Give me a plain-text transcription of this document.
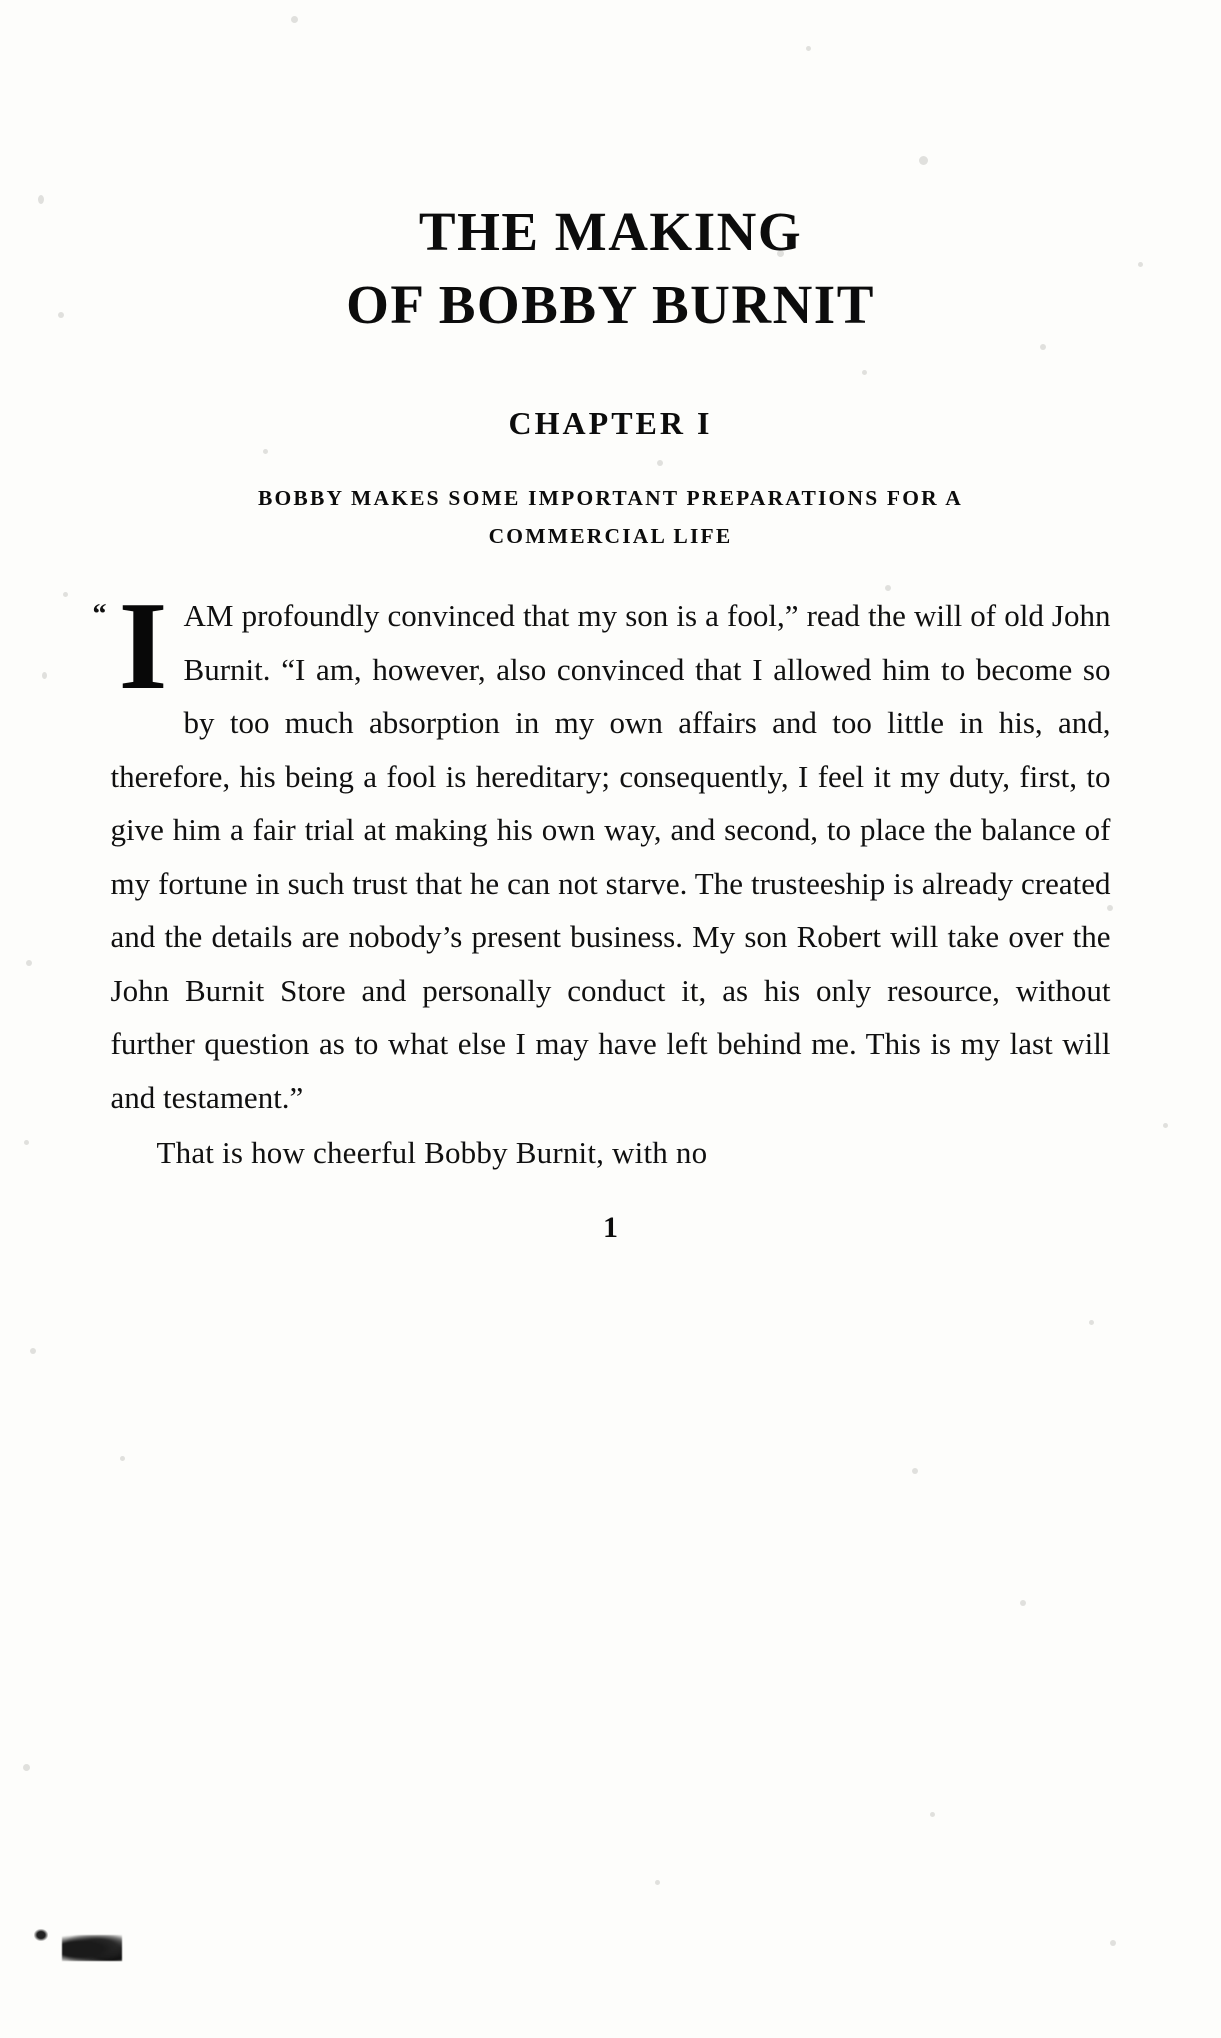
THE MAKING
OF BOBBY BURNIT
CHAPTER I
BOBBY MAKES SOME IMPORTANT PREPARATIONS FOR A
COMMERCIAL LIFE
“ IAM profoundly convinced that my son is a fool,” read the will of old John Burnit. “I am, however, also convinced that I allowed him to become so by too much absorption in my own affairs and too little in his, and, therefore, his being a fool is hereditary; consequently, I feel it my duty, first, to give him a fair trial at making his own way, and second, to place the balance of my fortune in such trust that he can not starve. The trusteeship is already created and the details are nobody’s present business. My son Robert will take over the John Burnit Store and personally conduct it, as his only resource, without further question as to what else I may have left behind me. This is my last will and testament.”

That is how cheerful Bobby Burnit, with no

1
